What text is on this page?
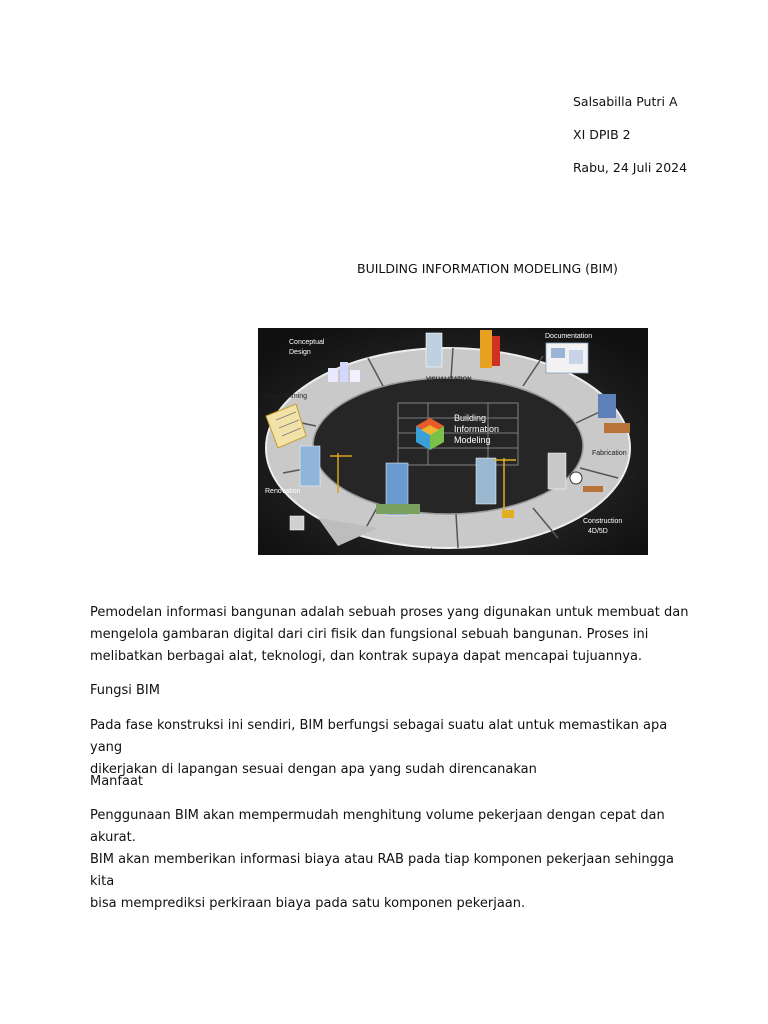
Salsabilla Putri A
XI DPIB 2
Rabu, 24 Juli 2024
BUILDING INFORMATION MODELING (BIM)
Building
Information
Modeling
VISUALIZATION
Conceptual
Design
Documentation
Programming
Fabrication
Renovation
Construction
4D/5D
Operation and	Construction

Pemodelan informasi bangunan adalah sebuah proses yang digunakan untuk membuat dan

mengelola gambaran digital dari ciri fisik dan fungsional sebuah bangunan. Proses ini

melibatkan berbagai alat, teknologi, dan kontrak supaya dapat mencapai tujuannya.

Fungsi BIM

Pada fase konstruksi ini sendiri, BIM berfungsi sebagai suatu alat untuk memastikan apa yang

dikerjakan di lapangan sesuai dengan apa yang sudah direncanakan

Manfaat

Penggunaan BIM akan mempermudah menghitung volume pekerjaan dengan cepat dan akurat.

BIM akan memberikan informasi biaya atau RAB pada tiap komponen pekerjaan sehingga kita

bisa memprediksi perkiraan biaya pada satu komponen pekerjaan.
